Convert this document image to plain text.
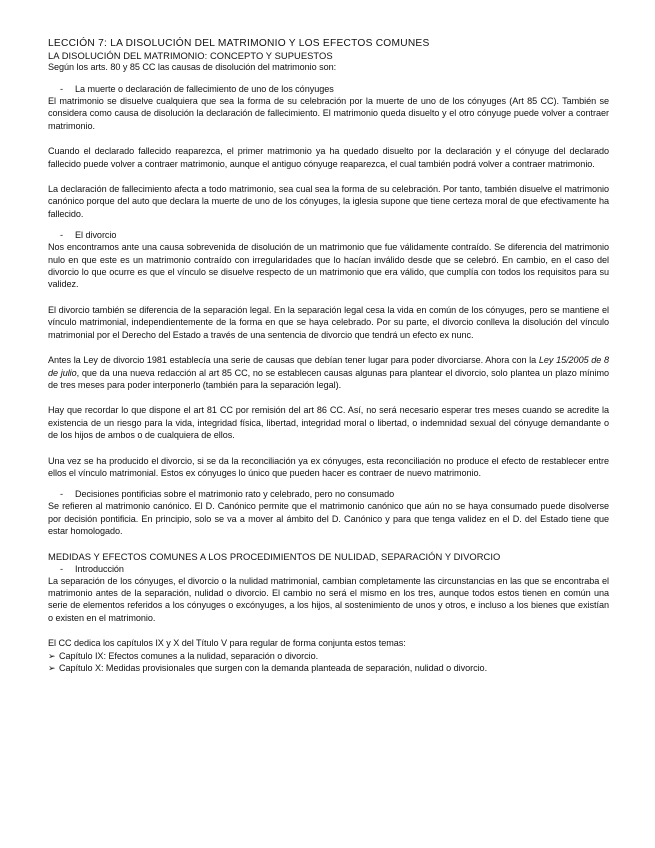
LECCIÓN 7: LA DISOLUCIÓN DEL MATRIMONIO Y LOS EFECTOS COMUNES
LA DISOLUCIÓN DEL MATRIMONIO: CONCEPTO Y SUPUESTOS
Según los arts. 80 y 85 CC las causas de disolución del matrimonio son:
-	La muerte o declaración de fallecimiento de uno de los cónyuges

El matrimonio se disuelve cualquiera que sea la forma de su celebración por la muerte de uno de los cónyuges (Art 85 CC). También se considera como causa de disolución la declaración de fallecimiento. El matrimonio queda disuelto y el otro cónyuge puede volver a contraer matrimonio.

Cuando el declarado fallecido reaparezca, el primer matrimonio ya ha quedado disuelto por la declaración y el cónyuge del declarado fallecido puede volver a contraer matrimonio, aunque el antiguo cónyuge reaparezca, el cual también podrá volver a contraer matrimonio.

La declaración de fallecimiento afecta a todo matrimonio, sea cual sea la forma de su celebración. Por tanto, también disuelve el matrimonio canónico porque del auto que declara la muerte de uno de los cónyuges, la iglesia supone que tiene certeza moral de que efectivamente ha fallecido.

-	El divorcio

Nos encontramos ante una causa sobrevenida de disolución de un matrimonio que fue válidamente contraído. Se diferencia del matrimonio nulo en que este es un matrimonio contraído con irregularidades que lo hacían inválido desde que se celebró. En cambio, en el caso del divorcio lo que ocurre es que el vínculo se disuelve respecto de un matrimonio que era válido, que cumplía con todos los requisitos para su validez.

El divorcio también se diferencia de la separación legal. En la separación legal cesa la vida en común de los cónyuges, pero se mantiene el vínculo matrimonial, independientemente de la forma en que se haya celebrado. Por su parte, el divorcio conlleva la disolución del vínculo matrimonial por el Derecho del Estado a través de una sentencia de divorcio que tendrá un efecto ex nunc.

Antes la Ley de divorcio 1981 establecía una serie de causas que debían tener lugar para poder divorciarse. Ahora con la Ley 15/2005 de 8 de julio, que da una nueva redacción al art 85 CC, no se establecen causas algunas para plantear el divorcio, solo plantea un plazo mínimo de tres meses para poder interponerlo (también para la separación legal).

Hay que recordar lo que dispone el art 81 CC por remisión del art 86 CC. Así, no será necesario esperar tres meses cuando se acredite la existencia de un riesgo para la vida, integridad física, libertad, integridad moral o libertad, o indemnidad sexual del cónyuge demandante o de los hijos de ambos o de cualquiera de ellos.

Una vez se ha producido el divorcio, si se da la reconciliación ya ex cónyuges, esta reconciliación no produce el efecto de restablecer entre ellos el vínculo matrimonial. Estos ex cónyuges lo único que pueden hacer es contraer de nuevo matrimonio.

-	Decisiones pontificias sobre el matrimonio rato y celebrado, pero no consumado

Se refieren al matrimonio canónico. El D. Canónico permite que el matrimonio canónico que aún no se haya consumado puede disolverse por decisión pontificia. En principio, solo se va a mover al ámbito del D. Canónico y para que tenga validez en el D. del Estado tiene que estar homologado.

MEDIDAS Y EFECTOS COMUNES A LOS PROCEDIMIENTOS DE NULIDAD, SEPARACIÓN Y DIVORCIO
-	Introducción

La separación de los cónyuges, el divorcio o la nulidad matrimonial, cambian completamente las circunstancias en las que se encontraba el matrimonio antes de la separación, nulidad o divorcio. El cambio no será el mismo en los tres, aunque todos estos tienen en común una serie de elementos referidos a los cónyuges o excónyuges, a los hijos, al sostenimiento de unos y otros, e incluso a los bienes que existían o existen en el matrimonio.

El CC dedica los capítulos IX y X del Título V para regular de forma conjunta estos temas:

➢ Capítulo IX: Efectos comunes a la nulidad, separación o divorcio.
➢ Capítulo X: Medidas provisionales que surgen con la demanda planteada de separación, nulidad o divorcio.
